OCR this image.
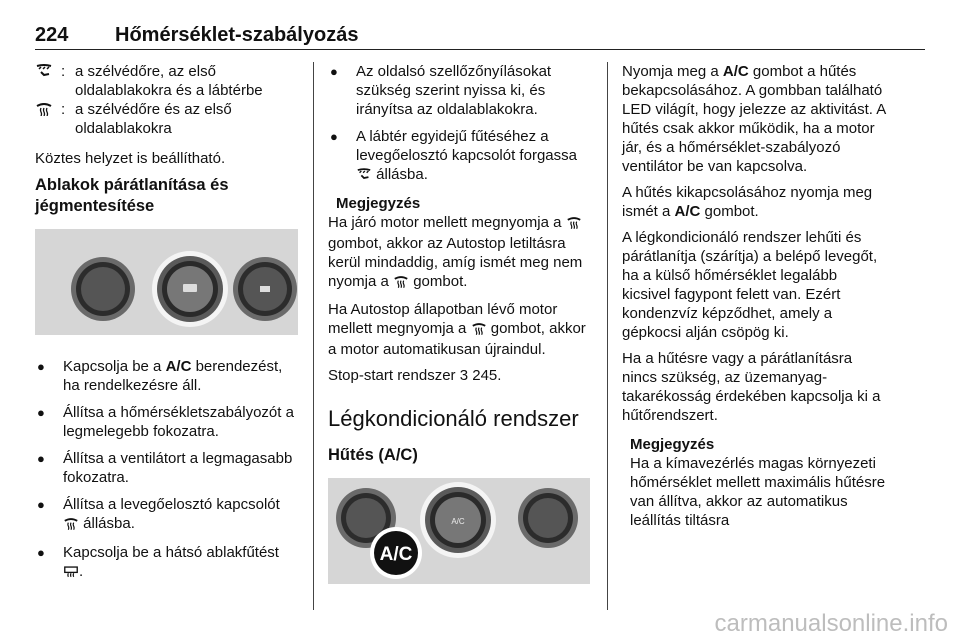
224 Hőmérséklet-szabályozás
: a szélvédőre, az első oldalablakokra és a lábtérbe
: a szélvédőre és az első oldalablakokra

Köztes helyzet is beállítható.

Ablakok párátlanítása és jégmentesítése
● Kapcsolja be a A/C berendezést, ha rendelkezésre áll.
● Állítsa a hőmérsékletszabályozót a legmelegebb fokozatra.
● Állítsa a ventilátort a legmagasabb fokozatra.
● Állítsa a levegőelosztó kapcsolót  állásba.
● Kapcsolja be a hátsó ablakfűtést .
● Az oldalsó szellőzőnyílásokat szükség szerint nyissa ki, és irányítsa az oldalablakokra.
● A lábtér egyidejű fűtéséhez a levegőelosztó kapcsolót forgassa  állásba.
Megjegyzés

Ha járó motor mellett megnyomja a  gombot, akkor az Autostop letiltásra kerül mindaddig, amíg ismét meg nem nyomja a  gombot.

Ha Autostop állapotban lévő motor mellett megnyomja a  gombot, akkor a motor automatikusan újraindul.

Stop-start rendszer 3 245.

Légkondicionáló rendszer
Hűtés (A/C)
A/C
A/C

Nyomja meg a A/C gombot a hűtés bekapcsolásához. A gombban található LED világít, hogy jelezze az aktivitást. A hűtés csak akkor működik, ha a motor jár, és a hőmérséklet-szabályozó ventilátor be van kapcsolva.

A hűtés kikapcsolásához nyomja meg ismét a A/C gombot.

A légkondicionáló rendszer lehűti és párátlanítja (szárítja) a belépő levegőt, ha a külső hőmérséklet legalább kicsivel fagypont felett van. Ezért kondenzvíz képződhet, amely a gépkocsi alján csöpög ki.

Ha a hűtésre vagy a párátlanításra nincs szükség, az üzemanyag-takarékosság érdekében kapcsolja ki a hűtőrendszert.

Megjegyzés
Ha a kímavezérlés magas környezeti hőmérséklet mellett maximális hűtésre van állítva, akkor az automatikus leállítás tiltásra
carmanualsonline.info
